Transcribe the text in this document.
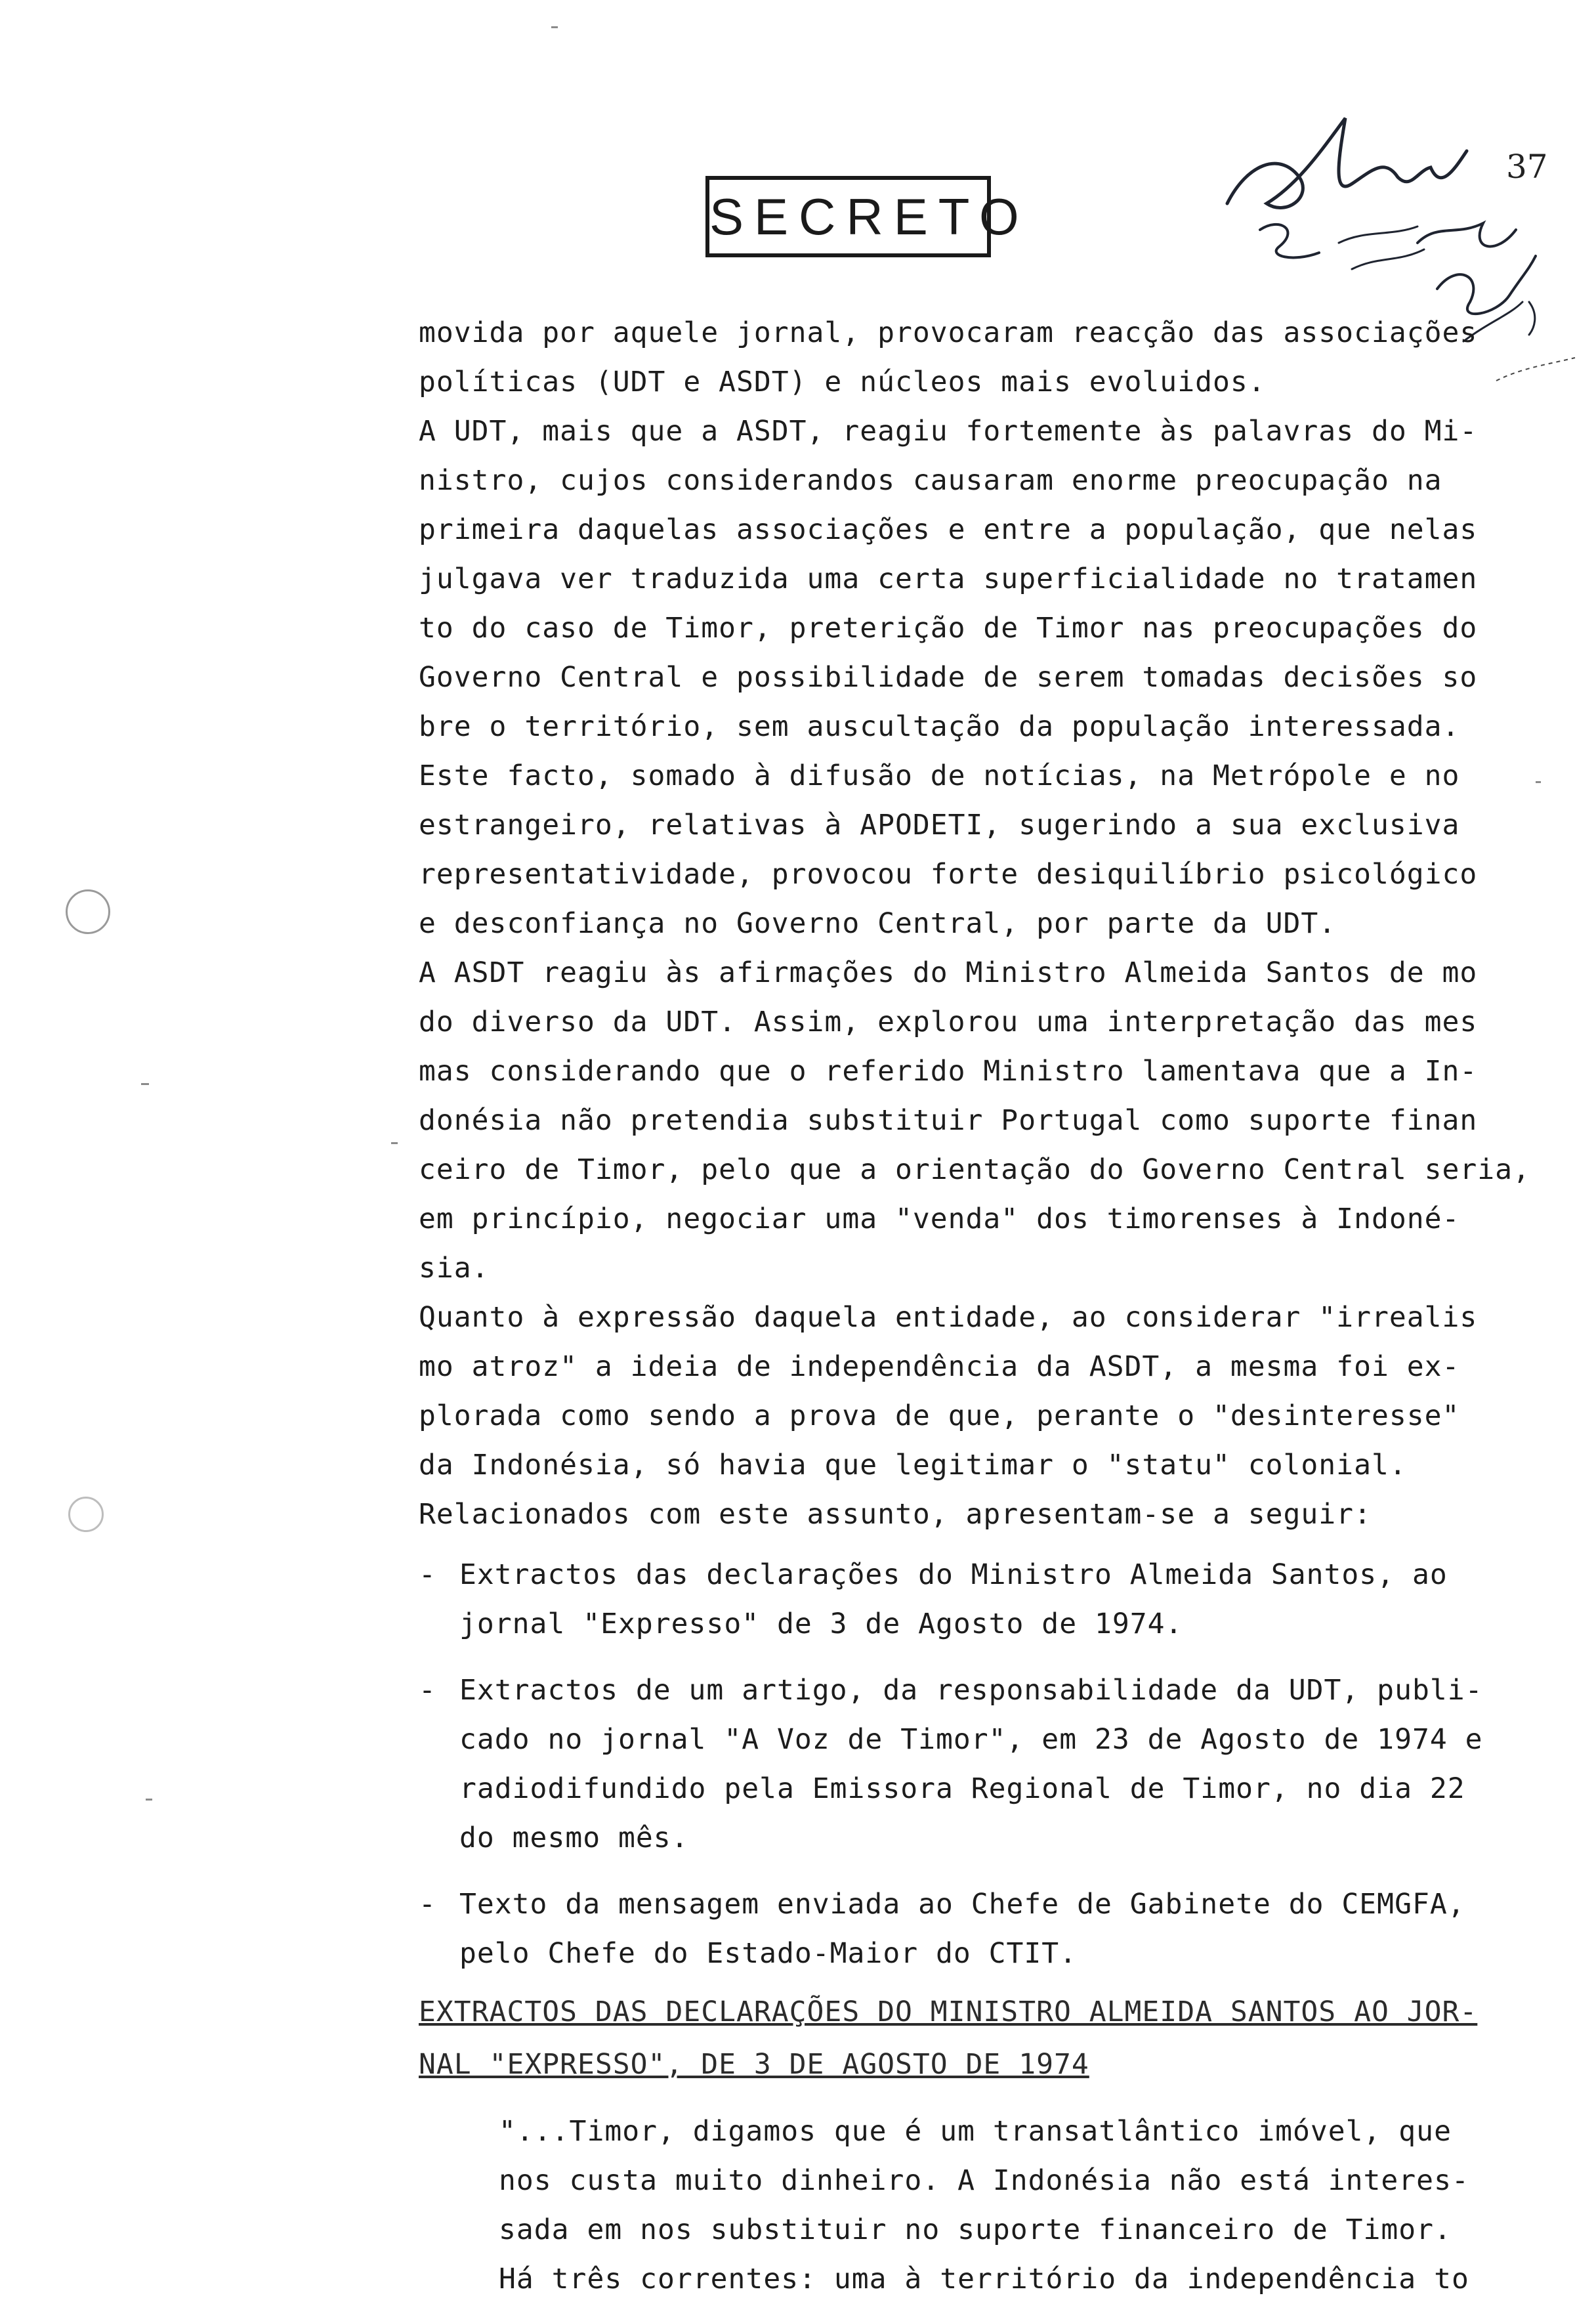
SECRETO
37

movida por aquele jornal, provocaram reacção das associações

políticas (UDT e ASDT) e núcleos mais evoluidos.

A UDT, mais que a ASDT, reagiu fortemente às palavras do Mi-

nistro, cujos considerandos causaram enorme preocupação na

primeira daquelas associações e entre a população, que nelas

julgava ver traduzida uma certa superficialidade no tratamen

to do caso de Timor, preterição de Timor nas preocupações do

Governo Central e possibilidade de serem tomadas decisões so

bre o território, sem auscultação da população interessada.

Este facto, somado à difusão de notícias, na Metrópole e no

estrangeiro, relativas à APODETI, sugerindo a sua exclusiva

representatividade, provocou forte desiquilíbrio psicológico

e desconfiança no Governo Central, por parte da UDT.

A ASDT reagiu às afirmações do Ministro Almeida Santos de mo

do diverso da UDT. Assim, explorou uma interpretação das mes

mas considerando que o referido Ministro lamentava que a In-

donésia não pretendia substituir Portugal como suporte finan

ceiro de Timor, pelo que a orientação do Governo Central seria,

em princípio, negociar uma "venda" dos timorenses à Indoné-

sia.

Quanto à expressão daquela entidade, ao considerar "irrealis

mo atroz" a ideia de independência da ASDT, a mesma foi ex-

plorada como sendo a prova de que, perante o "desinteresse"

da Indonésia, só havia que legitimar o "statu" colonial.

Relacionados com este assunto, apresentam-se a seguir:

- Extractos das declarações do Ministro Almeida Santos, ao
jornal "Expresso" de 3 de Agosto de 1974.
- Extractos de um artigo, da responsabilidade da UDT, publi-
cado no jornal "A Voz de Timor", em 23 de Agosto de 1974 e
radiodifundido pela Emissora Regional de Timor, no dia 22
do mesmo mês.
- Texto da mensagem enviada ao Chefe de Gabinete do CEMGFA,
pelo Chefe do Estado-Maior do CTIT.
EXTRACTOS DAS DECLARAÇÕES DO MINISTRO ALMEIDA SANTOS AO JOR-
NAL "EXPRESSO", DE 3 DE AGOSTO DE 1974
"...Timor, digamos que é um transatlântico imóvel, que
nos custa muito dinheiro. A Indonésia não está interes-
sada em nos substituir no suporte financeiro de Timor.
Há três correntes: uma à território da independência to
